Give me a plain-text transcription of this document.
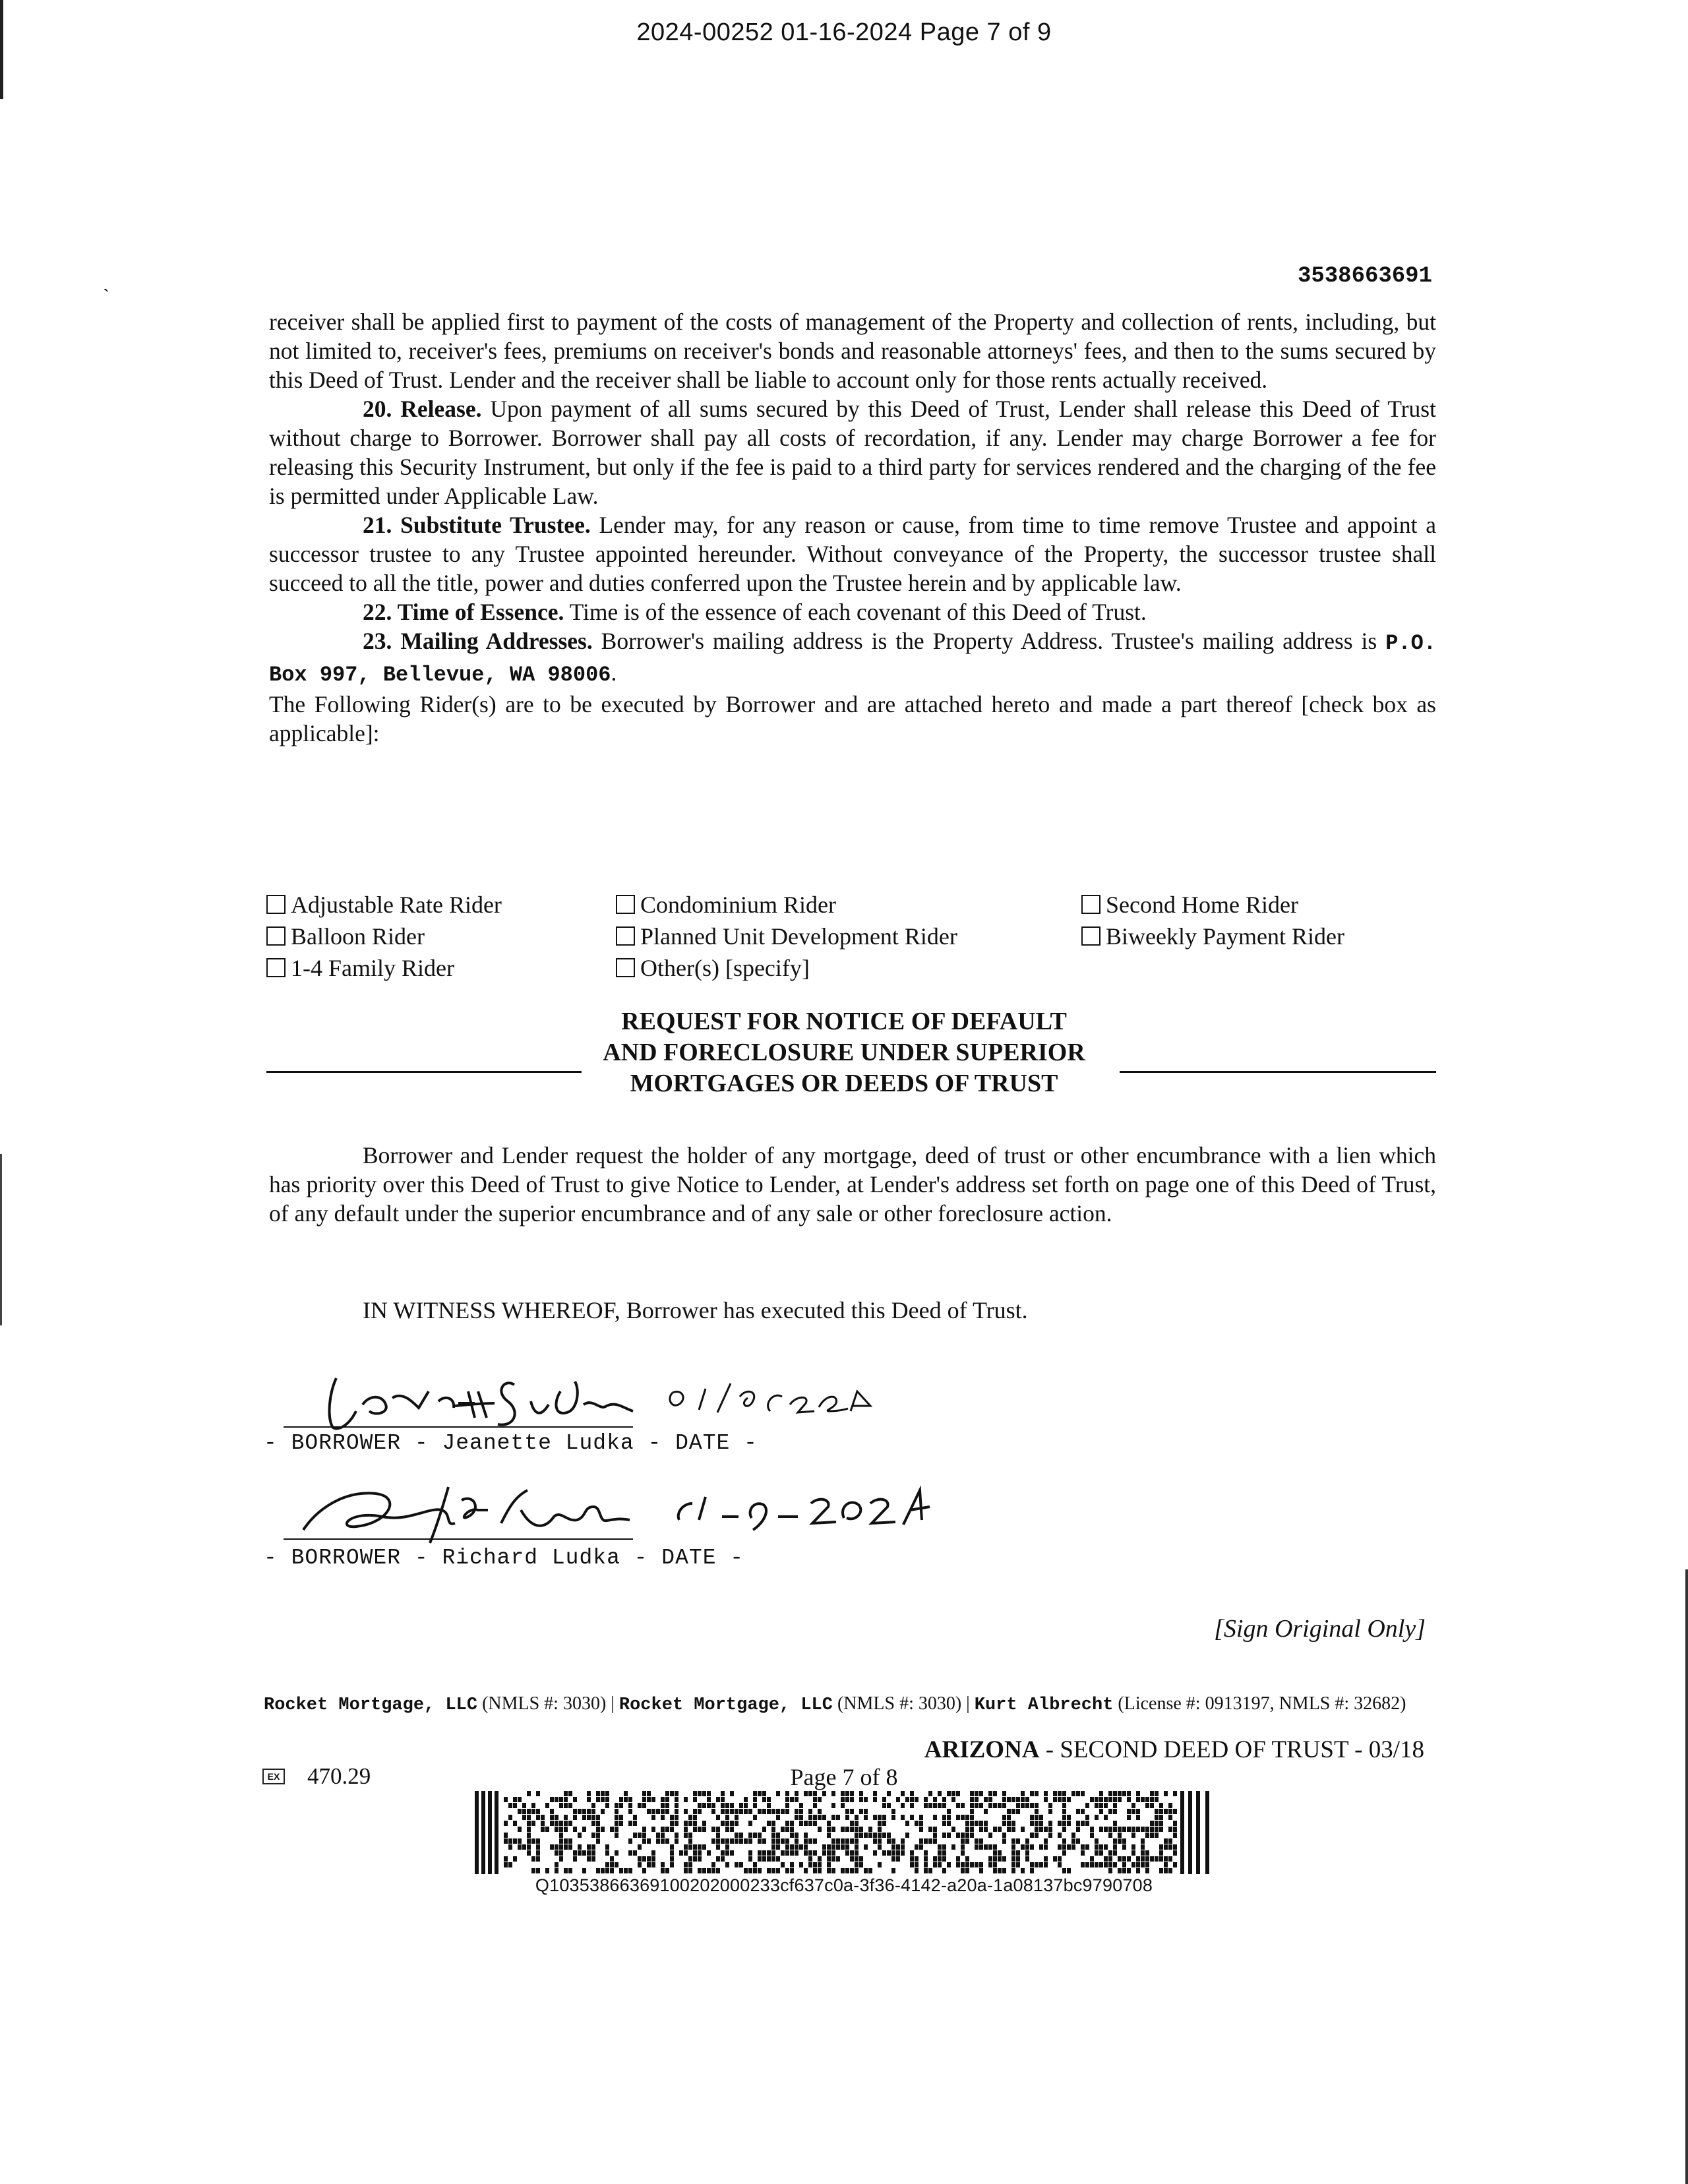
2024-00252 01-16-2024 Page 7 of 9
ˏ	3538663691

receiver shall be applied first to payment of the costs of management of the Property and collection of rents, including, but not limited to, receiver's fees, premiums on receiver's bonds and reasonable attorneys' fees, and then to the sums secured by this Deed of Trust. Lender and the receiver shall be liable to account only for those rents actually received.

20. Release. Upon payment of all sums secured by this Deed of Trust, Lender shall release this Deed of Trust without charge to Borrower. Borrower shall pay all costs of recordation, if any. Lender may charge Borrower a fee for releasing this Security Instrument, but only if the fee is paid to a third party for services rendered and the charging of the fee is permitted under Applicable Law.

21. Substitute Trustee. Lender may, for any reason or cause, from time to time remove Trustee and appoint a successor trustee to any Trustee appointed hereunder. Without conveyance of the Property, the successor trustee shall succeed to all the title, power and duties conferred upon the Trustee herein and by applicable law.

22. Time of Essence. Time is of the essence of each covenant of this Deed of Trust.

23. Mailing Addresses. Borrower's mailing address is the Property Address. Trustee's mailing address is P.O. Box 997, Bellevue, WA 98006.

The Following Rider(s) are to be executed by Borrower and are attached hereto and made a part thereof [check box as applicable]:

Adjustable Rate Rider
Balloon Rider
1-4 Family Rider
Condominium Rider
Planned Unit Development Rider
Other(s) [specify]
Second Home Rider
Biweekly Payment Rider
REQUEST FOR NOTICE OF DEFAULT
AND FORECLOSURE UNDER SUPERIOR
MORTGAGES OR DEEDS OF TRUST

Borrower and Lender request the holder of any mortgage, deed of trust or other encumbrance with a lien which has priority over this Deed of Trust to give Notice to Lender, at Lender's address set forth on page one of this Deed of Trust, of any default under the superior encumbrance and of any sale or other foreclosure action.

IN WITNESS WHEREOF, Borrower has executed this Deed of Trust.

- BORROWER - Jeanette Ludka - DATE -
- BORROWER - Richard Ludka - DATE -
[Sign Original Only]
Rocket Mortgage, LLC (NMLS #: 3030) | Rocket Mortgage, LLC (NMLS #: 3030) | Kurt Albrecht (License #: 0913197, NMLS #: 32682)
ARIZONA - SECOND DEED OF TRUST - 03/18
EX 470.29	Page 7 of 8
Q10353866369100202000233cf637c0a-3f36-4142-a20a-1a08137bc9790708
